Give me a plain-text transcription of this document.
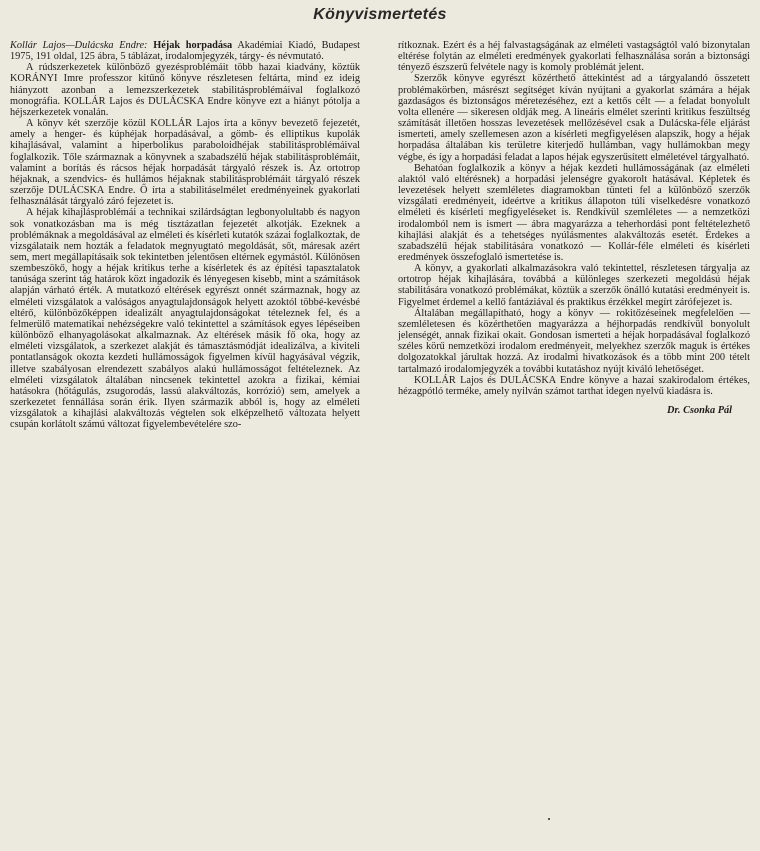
Könyvismertetés

Kollár Lajos—Dulácska Endre: Héjak horpadása Akadémiai Kiadó, Budapest 1975, 191 oldal, 125 ábra, 5 táblázat, irodalomjegyzék, tárgy- és névmutató.

A rúdszerkezetek különböző gyezésproblémáit több hazai kiadvány, köztük KORÁNYI Imre professzor kitűnő könyve részletesen feltárta, mind ez ideig hiányzott azonban a lemezszerkezetek stabilitásproblémáival foglalkozó monográfia. KOLLÁR Lajos és DULÁCSKA Endre könyve ezt a hiányt pótolja a héjszerkezetek vonalán.

A könyv két szerzője közül KOLLÁR Lajos írta a könyv bevezető fejezetét, amely a henger- és kúphéjak horpadásával, a gömb- és elliptikus kupolák kihajlásával, valamint a hiperbolikus paraboloidhéjak stabilitásproblémáival foglalkozik. Tőle származnak a könyvnek a szabadszélű héjak stabilitásproblémáit, valamint a borítás és rácsos héjak horpadását tárgyaló részek is. Az ortotrop héjaknak, a szendvics- és hullámos héjaknak stabilitásproblémáit tárgyaló részek szerzője DULÁCSKA Endre. Ő írta a stabilitáselmélet eredményeinek gyakorlati felhasználását tárgyaló záró fejezetet is.

A héjak kihajlásproblémái a technikai szilárdságtan legbonyolultabb és nagyon sok vonatkozásban ma is még tisztázatlan fejezetét alkotják. Ezeknek a problémáknak a megoldásával az elméleti és kísérleti kutatók százai foglalkoztak, de vizsgálataik nem hozták a feladatok megnyugtató megoldását, sőt, máresak azért sem, mert megállapításaik sok tekintetben jelentősen eltérnek egymástól. Különösen szembeszökő, hogy a héjak kritikus terhe a kísérletek és az építési tapasztalatok tanúsága szerint tág határok közt ingadozik és lényegesen kisebb, mint a számítások alapján várható érték. A mutatkozó eltérések egyrészt onnét származnak, hogy az elméleti vizsgálatok a valóságos anyagtulajdonságok helyett azoktól többé-kevésbé eltérő, különbözőképpen idealizált anyagtulajdonságokat tételeznek fel, és a felmerülő matematikai nehézségekre való tekintettel a számítások egyes lépéseiben különböző elhanyagolásokat alkalmaznak. Az eltérések másik fő oka, hogy az elméleti vizsgálatok, a szerkezet alakját és támasztásmódját idealizálva, a kiviteli pontatlanságok okozta kezdeti hullámosságok figyelmen kívül hagyásával végzik, illetve szabályosan elrendezett szabályos alakú hullámosságot feltételeznek. Az elméleti vizsgálatok általában nincsenek tekintettel azokra a fizikai, kémiai hatásokra (hőtágulás, zsugorodás, lassú alakváltozás, korrózió) sem, amelyek a szerkezetet fennállása során érik. Ilyen származik abból is, hogy az elméleti vizsgálatok a kihajlási alakváltozás végtelen sok elképzelhető változata helyett csupán korlátolt számú változat figyelembevételére szo-

rítkoznak. Ezért és a héj falvastagságának az elméleti vastagságtól való bizonytalan eltérése folytán az elméleti eredmények gyakorlati felhasználása során a biztonsági tényező észszerű felvétele nagy is komoly problémát jelent.

Szerzők könyve egyrészt közérthető áttekintést ad a tárgyalandó összetett problémakörben, másrészt segítséget kíván nyújtani a gyakorlat számára a héjak gazdaságos és biztonságos méretezéséhez, ezt a kettős célt — a feladat bonyolult volta ellenére — sikeresen oldják meg. A lineáris elmélet szerinti kritikus feszültség számítását illetően hosszas levezetések mellőzésével csak a Dulácska-féle eljárást ismerteti, amely szellemesen azon a kísérleti megfigyelésen alapszik, hogy a héjak horpadása általában kis területre kiterjedő hullámban, vagy hullámokban megy végbe, és így a horpadási feladat a lapos héjak egyszerűsített elméletével tárgyalható.

Behatóan foglalkozik a könyv a héjak kezdeti hullámosságának (az elméleti alaktól való eltérésnek) a horpadási jelenségre gyakorolt hatásával. Képletek és levezetések helyett szemléletes diagramokban tünteti fel a különböző szerzők vizsgálati eredményeit, ideértve a kritikus állapoton túli viselkedésre vonatkozó elméleti és kísérleti megfigyeléseket is. Rendkívül szemléletes — a nemzetközi irodalomból nem is ismert — ábra magyarázza a teherhordási pont feltételezhető kihajlási alakját és a tehetséges nyúlásmentes alakváltozás esetét. Érdekes a szabadszélű héjak stabilitására vonatkozó — Kollár-féle elméleti és kísérleti eredmények összefoglaló ismertetése is.

A könyv, a gyakorlati alkalmazásokra való tekintettel, részletesen tárgyalja az ortotrop héjak kihajlására, továbbá a különleges szerkezeti megoldású héjak stabilitására vonatkozó problémákat, köztük a szerzők önálló kutatási eredményeit is. Figyelmet érdemel a kellő fantáziával és praktikus érzékkel megírt zárófejezet is.

Általában megállapítható, hogy a könyv — rokitőzéseinek megfelelően — szemléletesen és közérthetően magyarázza a héjhorpadás rendkívül bonyolult jelenségét, annak fizikai okait. Gondosan ismerteti a héjak horpadásával foglalkozó széles körű nemzetközi irodalom eredményeit, melyekhez szerzők maguk is értékes dolgozatokkal járultak hozzá. Az irodalmi hivatkozások és a több mint 200 tételt tartalmazó irodalomjegyzék a további kutatáshoz nyújt kiváló lehetőséget.

KOLLÁR Lajos és DULÁCSKA Endre könyve a hazai szakirodalom értékes, hézagpótló terméke, amely nyilván számot tarthat idegen nyelvű kiadásra is.

Dr. Csonka Pál
